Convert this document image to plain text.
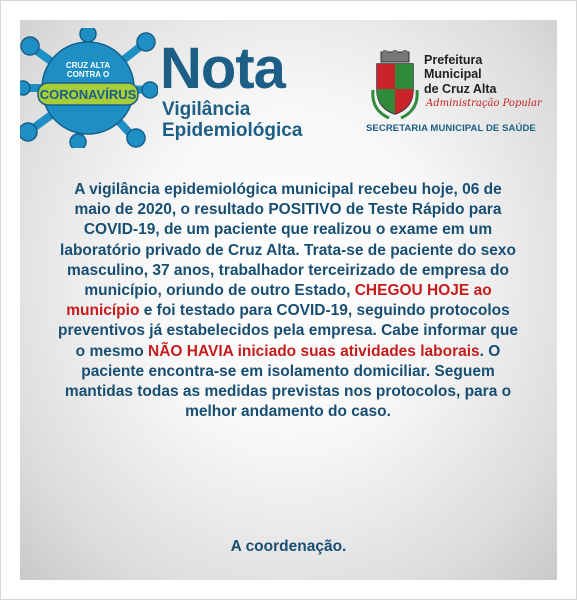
CRUZ ALTA
CONTRA O
CORONAVÍRUS Nota
Vigilância
Epidemiológica
Prefeitura
Municipal
de Cruz Alta
Administração Popular
SECRETARIA MUNICIPAL DE SAÚDE
A vigilância epidemiológica municipal recebeu hoje, 06 de maio de 2020, o resultado POSITIVO de Teste Rápido para COVID-19, de um paciente que realizou o exame em um laboratório privado de Cruz Alta. Trata-se de paciente do sexo masculino, 37 anos, trabalhador terceirizado de empresa do município, oriundo de outro Estado, CHEGOU HOJE ao município e foi testado para COVID-19, seguindo protocolos preventivos já estabelecidos pela empresa. Cabe informar que o mesmo NÃO HAVIA iniciado suas atividades laborais. O paciente encontra-se em isolamento domiciliar. Seguem mantidas todas as medidas previstas nos protocolos, para o melhor andamento do caso.
A coordenação.
